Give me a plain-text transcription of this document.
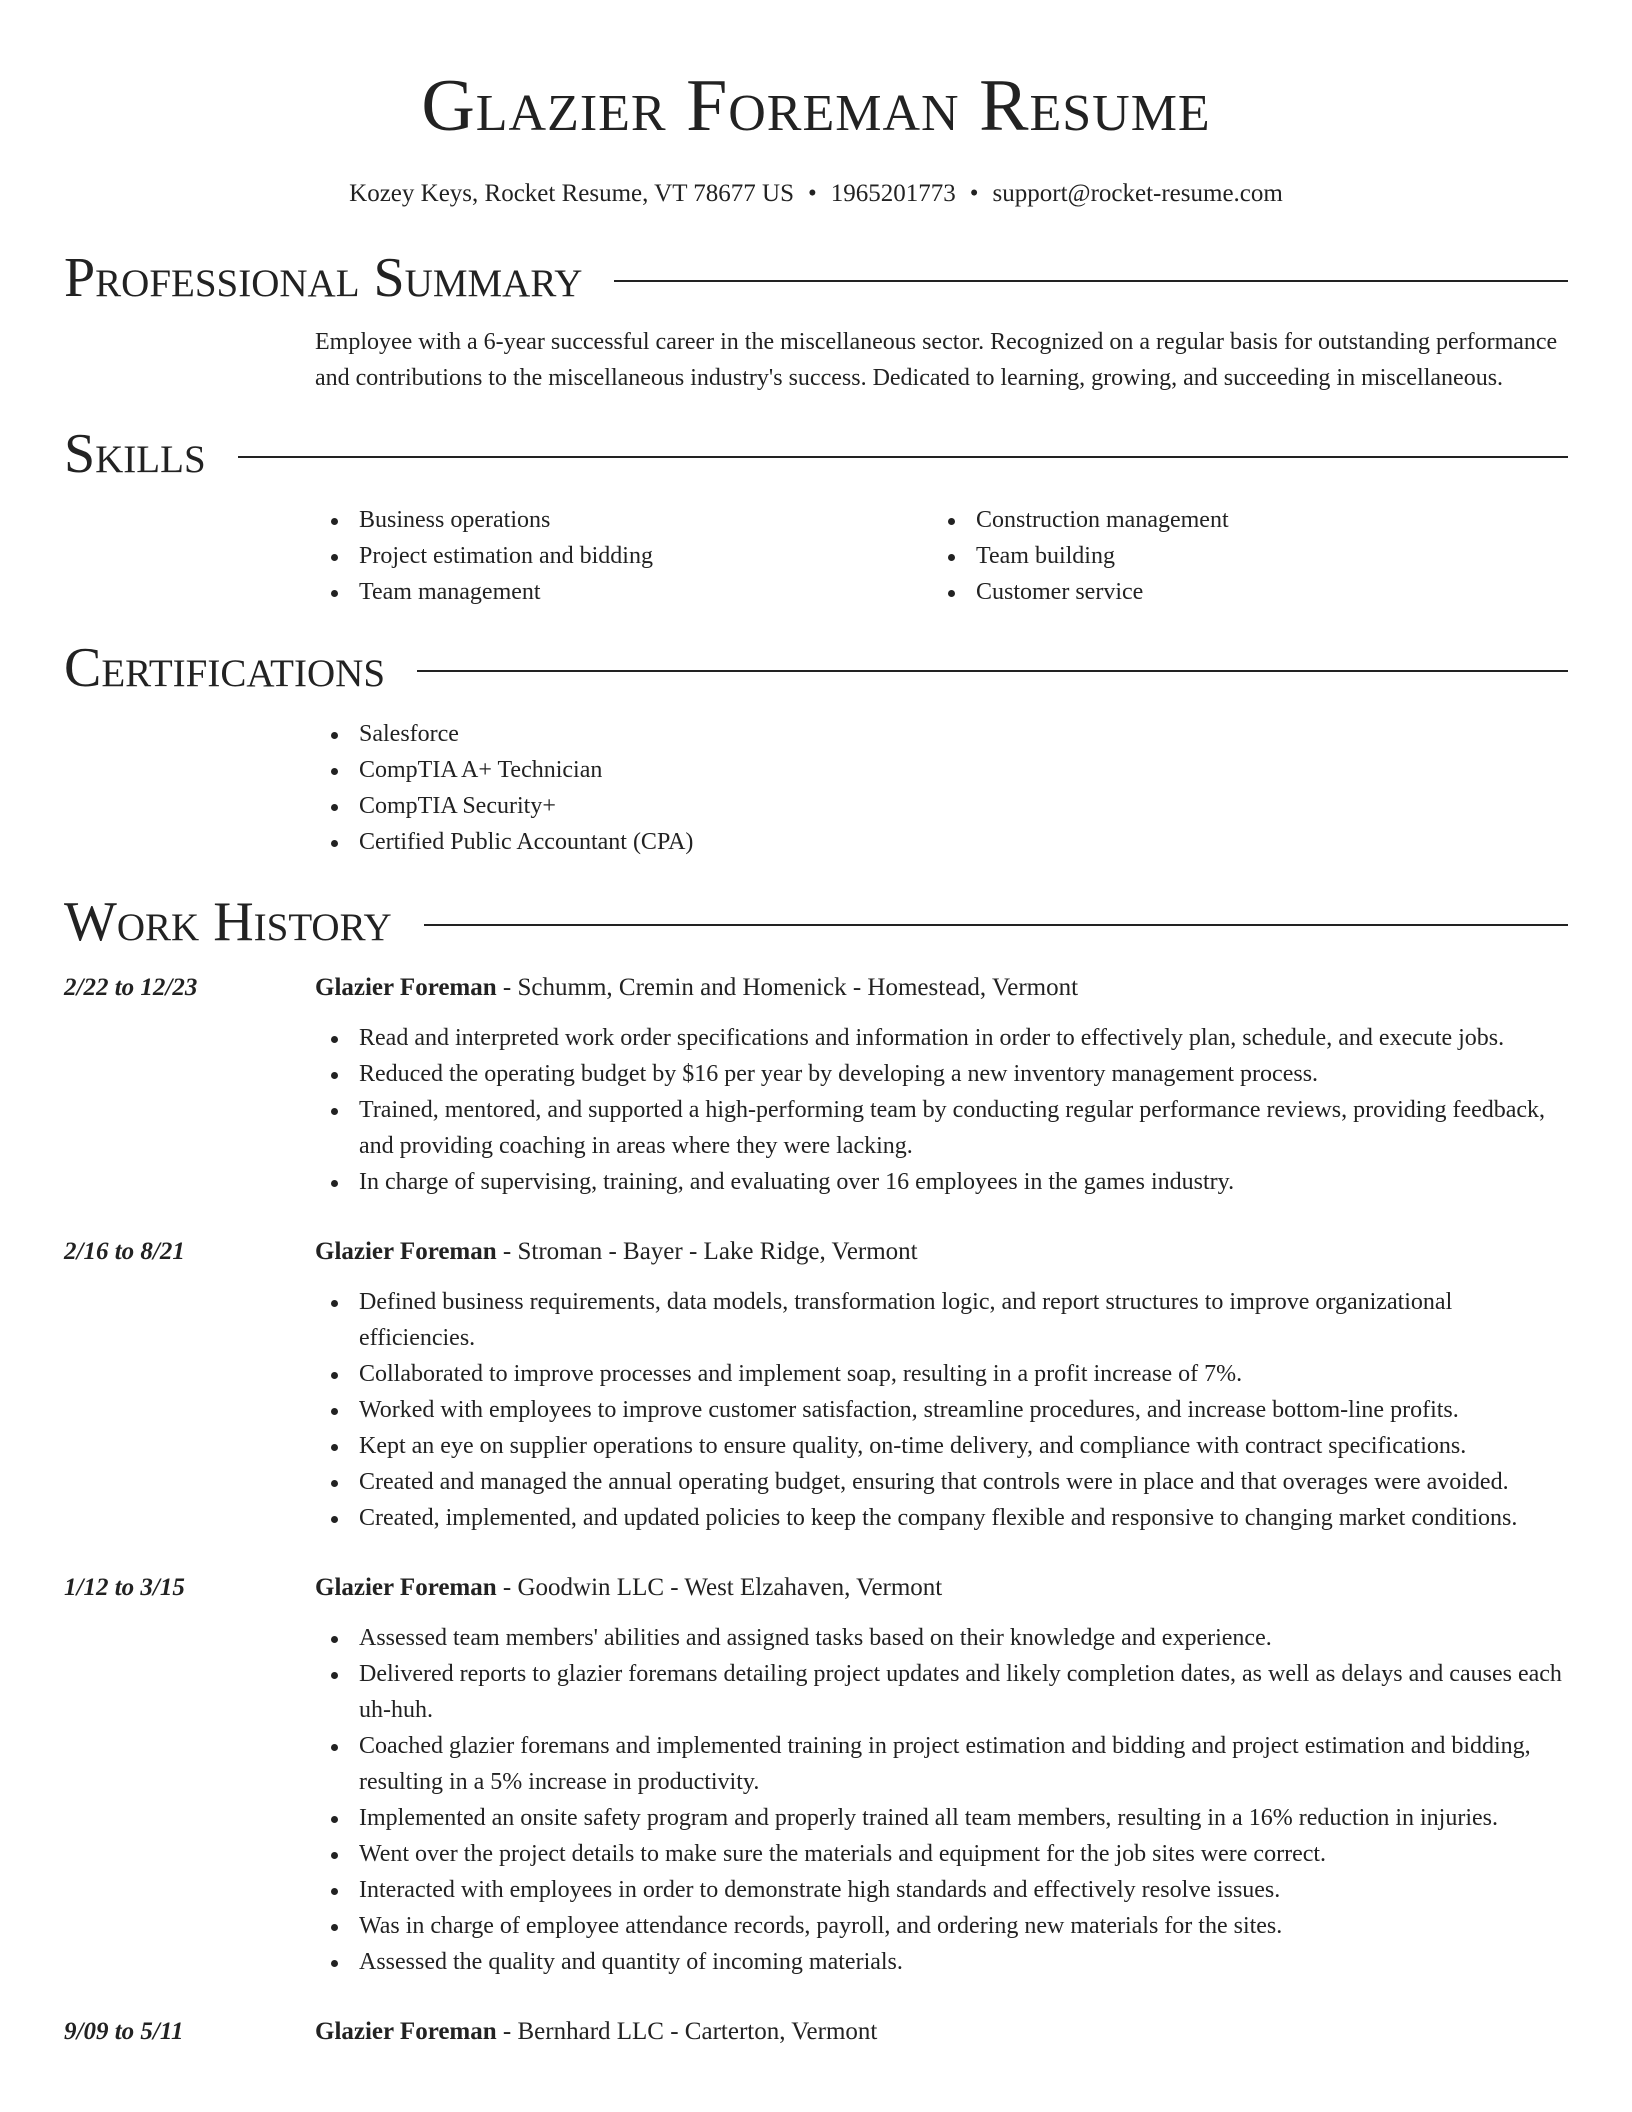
Glazier Foreman Resume
Kozey Keys, Rocket Resume, VT 78677 US • 1965201773 • support@rocket-resume.com
Professional Summary
Employee with a 6-year successful career in the miscellaneous sector. Recognized on a regular basis for outstanding performance and contributions to the miscellaneous industry's success. Dedicated to learning, growing, and succeeding in miscellaneous.
Skills
Business operations
Project estimation and bidding
Team management
Construction management
Team building
Customer service
Certifications
Salesforce
CompTIA A+ Technician
CompTIA Security+
Certified Public Accountant (CPA)
Work History
2/22 to 12/23	Glazier Foreman - Schumm, Cremin and Homenick - Homestead, Vermont
Read and interpreted work order specifications and information in order to effectively plan, schedule, and execute jobs.
Reduced the operating budget by $16 per year by developing a new inventory management process.
Trained, mentored, and supported a high-performing team by conducting regular performance reviews, providing feedback, and providing coaching in areas where they were lacking.
In charge of supervising, training, and evaluating over 16 employees in the games industry.
2/16 to 8/21	Glazier Foreman - Stroman - Bayer - Lake Ridge, Vermont
Defined business requirements, data models, transformation logic, and report structures to improve organizational efficiencies.
Collaborated to improve processes and implement soap, resulting in a profit increase of 7%.
Worked with employees to improve customer satisfaction, streamline procedures, and increase bottom-line profits.
Kept an eye on supplier operations to ensure quality, on-time delivery, and compliance with contract specifications.
Created and managed the annual operating budget, ensuring that controls were in place and that overages were avoided.
Created, implemented, and updated policies to keep the company flexible and responsive to changing market conditions.
1/12 to 3/15	Glazier Foreman - Goodwin LLC - West Elzahaven, Vermont
Assessed team members' abilities and assigned tasks based on their knowledge and experience.
Delivered reports to glazier foremans detailing project updates and likely completion dates, as well as delays and causes each uh-huh.
Coached glazier foremans and implemented training in project estimation and bidding and project estimation and bidding, resulting in a 5% increase in productivity.
Implemented an onsite safety program and properly trained all team members, resulting in a 16% reduction in injuries.
Went over the project details to make sure the materials and equipment for the job sites were correct.
Interacted with employees in order to demonstrate high standards and effectively resolve issues.
Was in charge of employee attendance records, payroll, and ordering new materials for the sites.
Assessed the quality and quantity of incoming materials.
9/09 to 5/11	Glazier Foreman - Bernhard LLC - Carterton, Vermont
